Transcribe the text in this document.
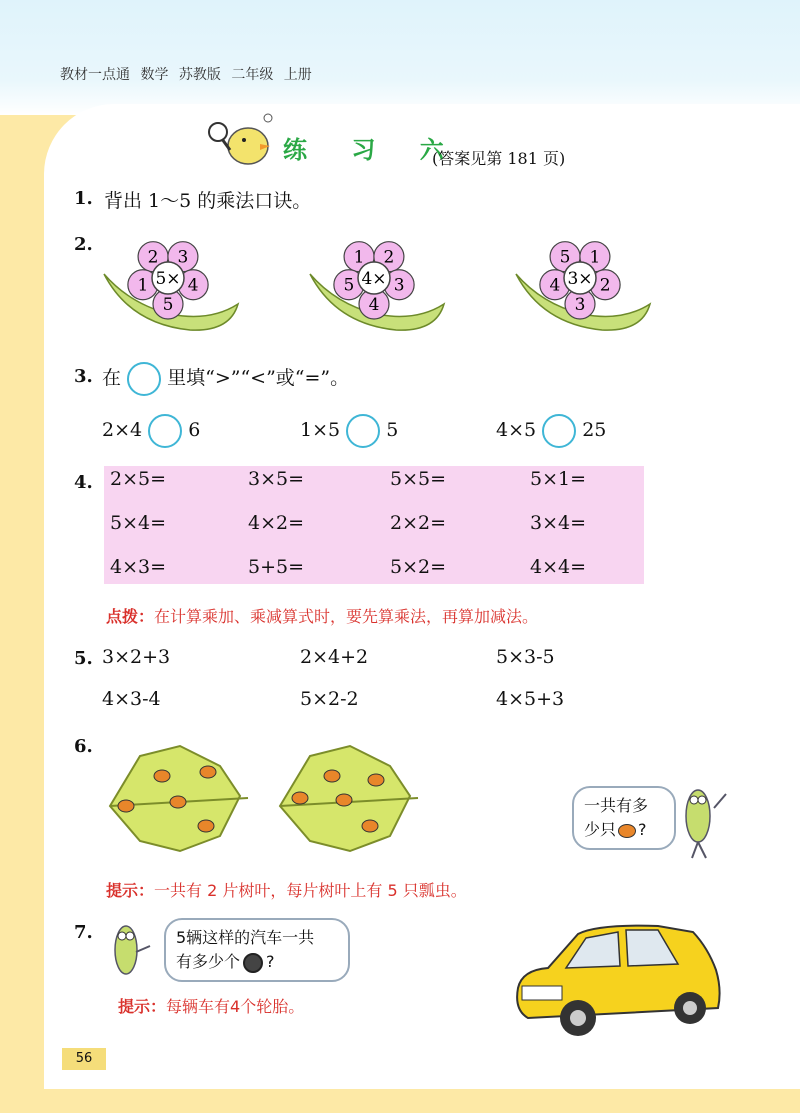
教材一点通 数学 苏教版 二年级 上册
练 习 六
(答案见第 181 页)
1. 背出 1～5 的乘法口诀。
2.
2 3
4
5
1 5×
1 2
3
4
5 4×
5 1
2
3
4 3×
3. 在 里填“>”“<”或“=”。
2×4 6	1×5 5	4×5 25
4. 2×5=	3×5=	5×5=	5×1=
5×4=	4×2=	2×2=	3×4=
4×3=	5+5=	5×2=	4×4=
点拨：在计算乘加、乘减算式时，要先算乘法，再算加减法。
5. 3×2+3	2×4+2	5×3-5
4×3-4	5×2-2	4×5+3
6.
一共有多
少只 ?
提示：一共有 2 片树叶，每片树叶上有 5 只瓢虫。
7.	5辆这样的汽车一共
有多少个 ?
提示：每辆车有4个轮胎。
56
